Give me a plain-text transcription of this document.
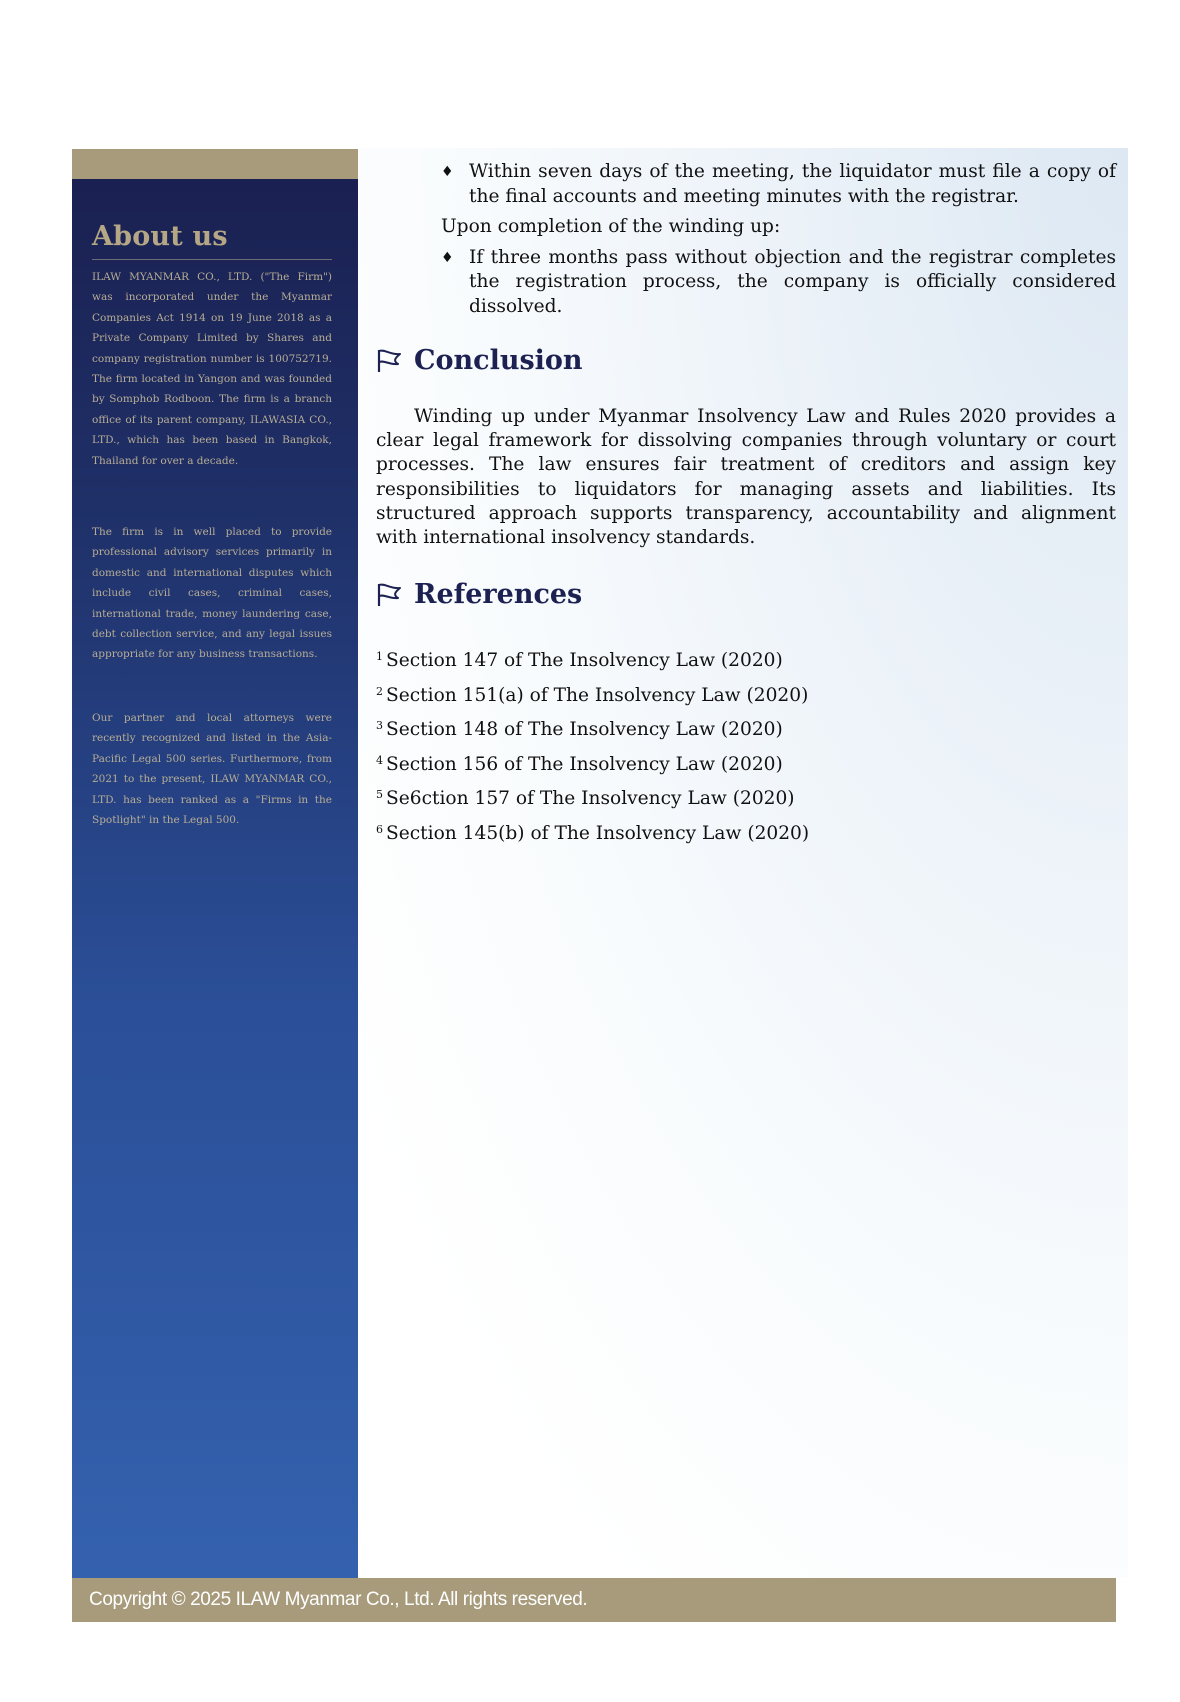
About us

ILAW MYANMAR CO., LTD. ("The Firm") was incorporated under the Myanmar Companies Act 1914 on 19 June 2018 as a Private Company Limited by Shares and company registration number is 100752719. The firm located in Yangon and was founded by Somphob Rodboon. The firm is a branch office of its parent company, ILAWASIA CO., LTD., which has been based in Bangkok, Thailand for over a decade.

The firm is in well placed to provide professional advisory services primarily in domestic and international disputes which include civil cases, criminal cases, international trade, money laundering case, debt collection service, and any legal issues appropriate for any business transactions.

Our partner and local attorneys were recently recognized and listed in the Asia-Pacific Legal 500 series. Furthermore, from 2021 to the present, ILAW MYANMAR CO., LTD. has been ranked as a "Firms in the Spotlight" in the Legal 500.

♦ Within seven days of the meeting, the liquidator must file a copy of the final accounts and meeting minutes with the registrar.

Upon completion of the winding up:

♦ If three months pass without objection and the registrar completes the registration process, the company is officially considered dissolved.
Conclusion

Winding up under Myanmar Insolvency Law and Rules 2020 provides a clear legal framework for dissolving companies through voluntary or court processes. The law ensures fair treatment of creditors and assign key responsibilities to liquidators for managing assets and liabilities. Its structured approach supports transparency, accountability and alignment with international insolvency standards.

References
$^1$ Section 147 of The Insolvency Law (2020)
$^2$ Section 151(a) of The Insolvency Law (2020)
$^3$ Section 148 of The Insolvency Law (2020)
$^4$ Section 156 of The Insolvency Law (2020)
$^5$ Se6ction 157 of The Insolvency Law (2020)
$^6$ Section 145(b) of The Insolvency Law (2020)
Copyright © 2025 ILAW Myanmar Co., Ltd. All rights reserved.
